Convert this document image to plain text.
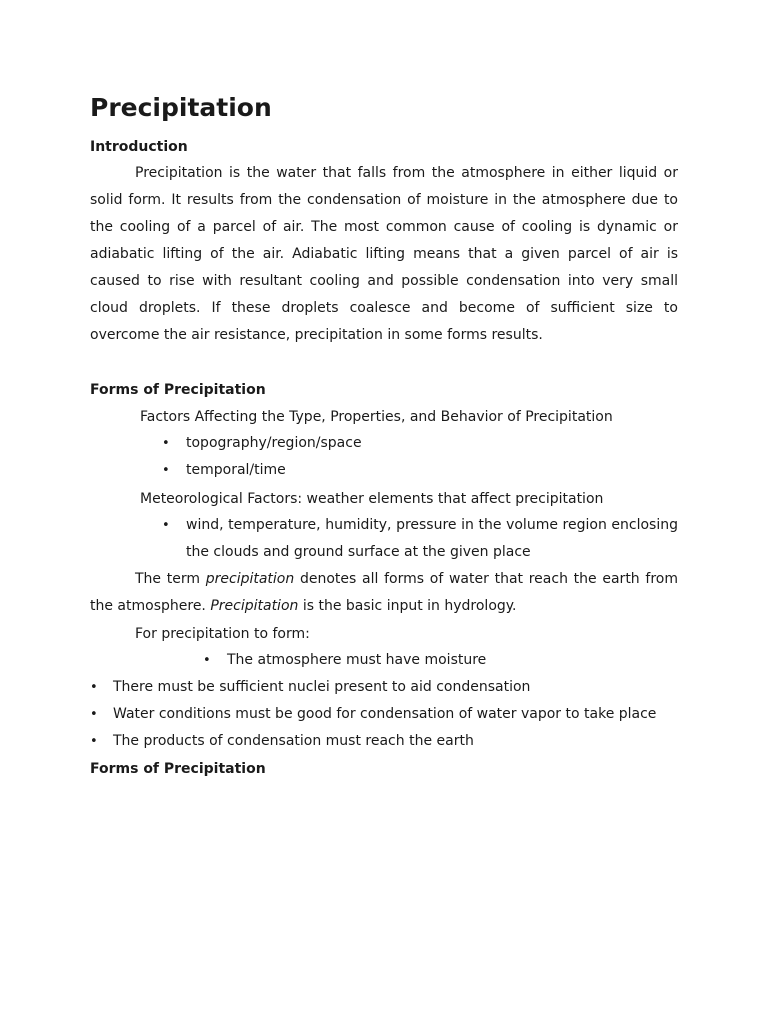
Precipitation
Introduction
Precipitation is the water that falls from the atmosphere in either liquid or solid form. It results from the condensation of moisture in the atmosphere due to the cooling of a parcel of air. The most common cause of cooling is dynamic or adiabatic lifting of the air. Adiabatic lifting means that a given parcel of air is caused to rise with resultant cooling and possible condensation into very small cloud droplets. If these droplets coalesce and become of sufficient size to overcome the air resistance, precipitation in some forms results.
Forms of Precipitation
Factors Affecting the Type, Properties, and Behavior of Precipitation
• topography/region/space
• temporal/time
Meteorological Factors: weather elements that affect precipitation
• wind, temperature, humidity, pressure in the volume region enclosing the clouds and ground surface at the given place
The term precipitation denotes all forms of water that reach the earth from the atmosphere. Precipitation is the basic input in hydrology.
For precipitation to form:
• The atmosphere must have moisture
• There must be sufficient nuclei present to aid condensation
• Water conditions must be good for condensation of water vapor to take place
• The products of condensation must reach the earth
Forms of Precipitation
